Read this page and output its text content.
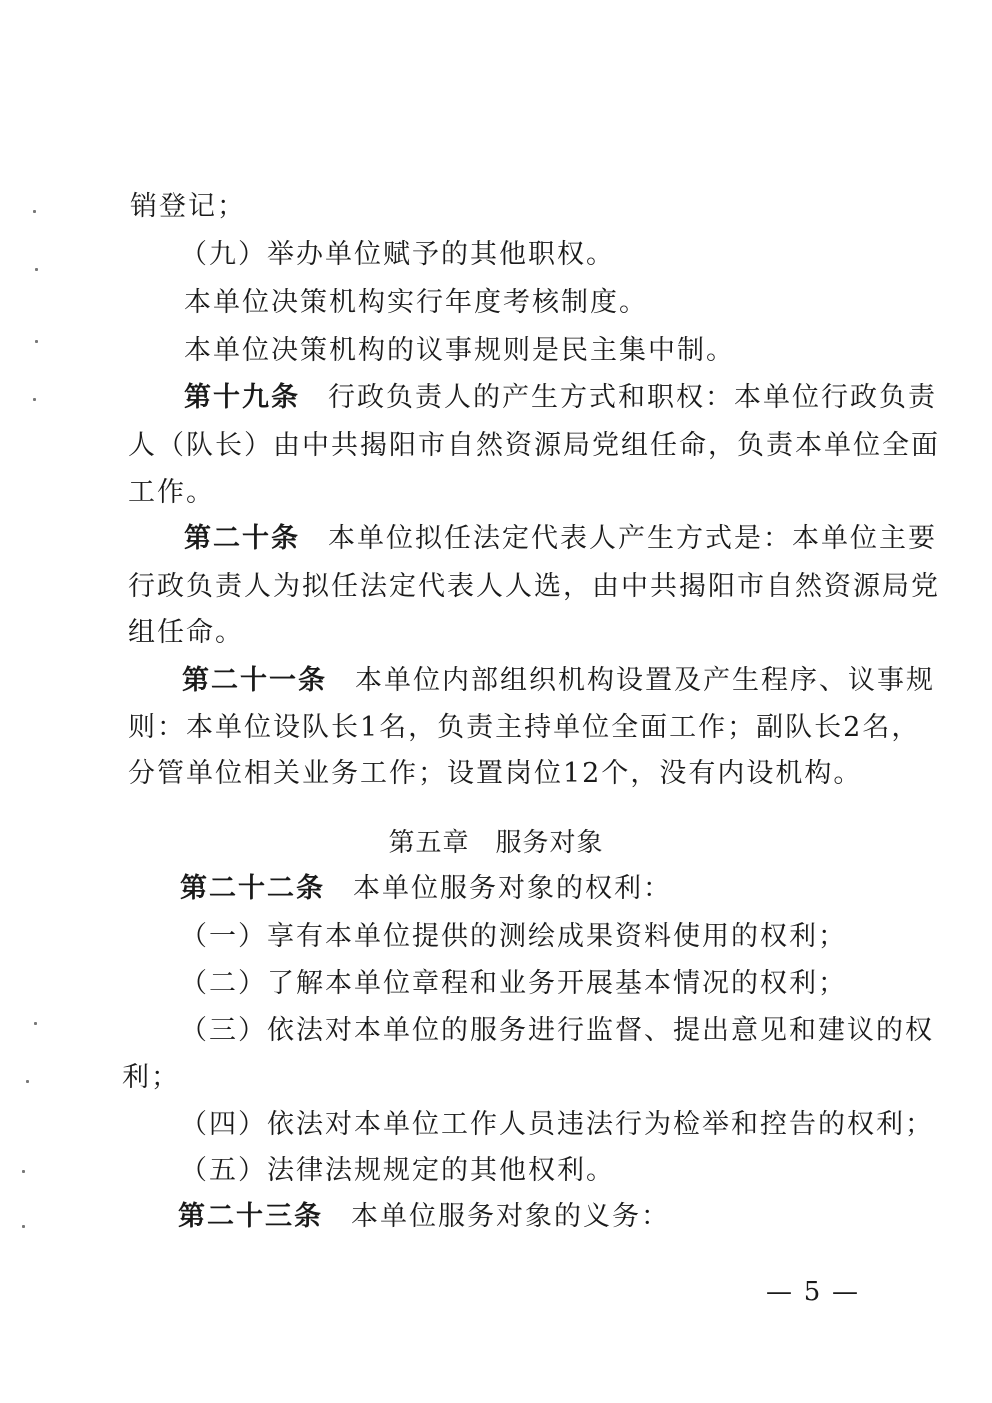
销登记；
（九）举办单位赋予的其他职权。
本单位决策机构实行年度考核制度。
本单位决策机构的议事规则是民主集中制。
第十九条 行政负责人的产生方式和职权：本单位行政负责
人（队长）由中共揭阳市自然资源局党组任命，负责本单位全面
工作。
第二十条 本单位拟任法定代表人产生方式是：本单位主要
行政负责人为拟任法定代表人人选，由中共揭阳市自然资源局党
组任命。
第二十一条 本单位内部组织机构设置及产生程序、议事规
则：本单位设队长1名，负责主持单位全面工作；副队长2名，
分管单位相关业务工作；设置岗位12个，没有内设机构。
第五章 服务对象
第二十二条 本单位服务对象的权利：
（一）享有本单位提供的测绘成果资料使用的权利；
（二）了解本单位章程和业务开展基本情况的权利；
（三）依法对本单位的服务进行监督、提出意见和建议的权
利；
（四）依法对本单位工作人员违法行为检举和控告的权利；
（五）法律法规规定的其他权利。
第二十三条 本单位服务对象的义务：
— 5 —
